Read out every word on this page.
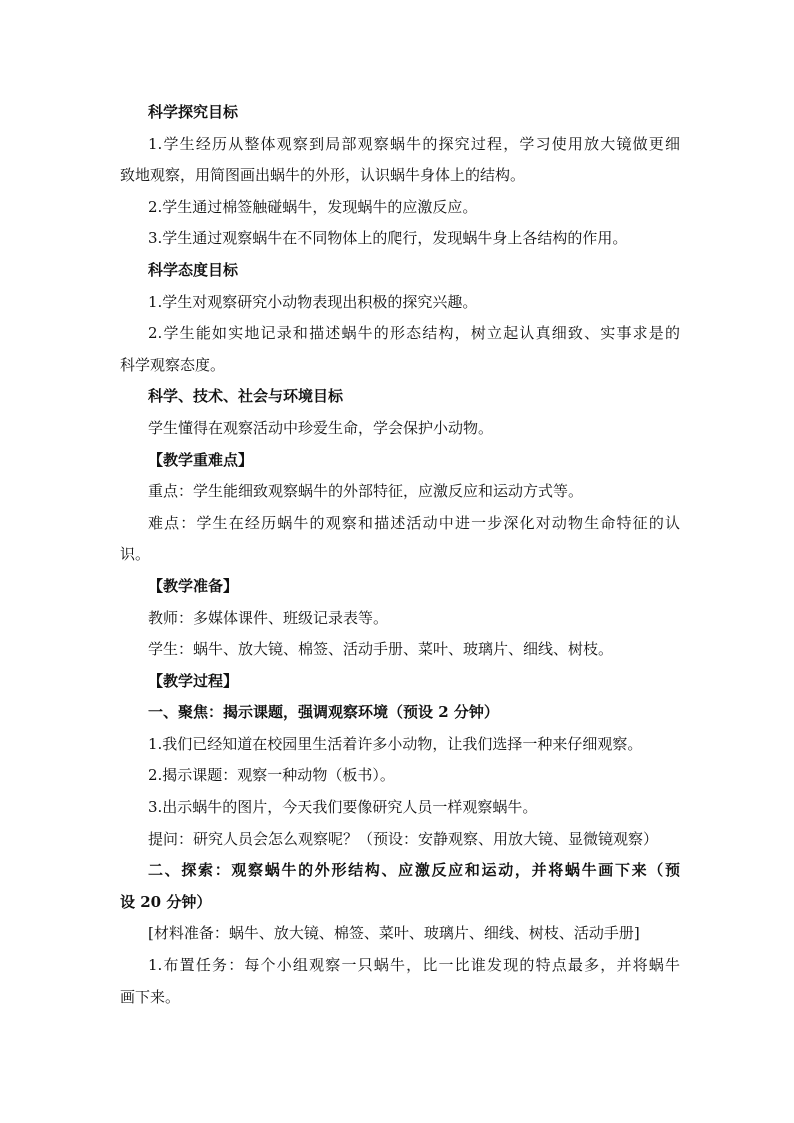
科学探究目标
1.学生经历从整体观察到局部观察蜗牛的探究过程，学习使用放大镜做更细
致地观察，用简图画出蜗牛的外形，认识蜗牛身体上的结构。
2.学生通过棉签触碰蜗牛，发现蜗牛的应激反应。
3.学生通过观察蜗牛在不同物体上的爬行，发现蜗牛身上各结构的作用。
科学态度目标
1.学生对观察研究小动物表现出积极的探究兴趣。
2.学生能如实地记录和描述蜗牛的形态结构，树立起认真细致、实事求是的
科学观察态度。
科学、技术、社会与环境目标
学生懂得在观察活动中珍爱生命，学会保护小动物。
【教学重难点】
重点：学生能细致观察蜗牛的外部特征，应激反应和运动方式等。
难点：学生在经历蜗牛的观察和描述活动中进一步深化对动物生命特征的认
识。
【教学准备】
教师：多媒体课件、班级记录表等。
学生：蜗牛、放大镜、棉签、活动手册、菜叶、玻璃片、细线、树枝。
【教学过程】
一、聚焦：揭示课题，强调观察环境（预设 2 分钟）
1.我们已经知道在校园里生活着许多小动物，让我们选择一种来仔细观察。
2.揭示课题：观察一种动物（板书）。
3.出示蜗牛的图片，今天我们要像研究人员一样观察蜗牛。
提问：研究人员会怎么观察呢？（预设：安静观察、用放大镜、显微镜观察）
二、探索：观察蜗牛的外形结构、应激反应和运动，并将蜗牛画下来（预
设 20 分钟）
[材料准备：蜗牛、放大镜、棉签、菜叶、玻璃片、细线、树枝、活动手册]
1.布置任务：每个小组观察一只蜗牛，比一比谁发现的特点最多，并将蜗牛
画下来。
